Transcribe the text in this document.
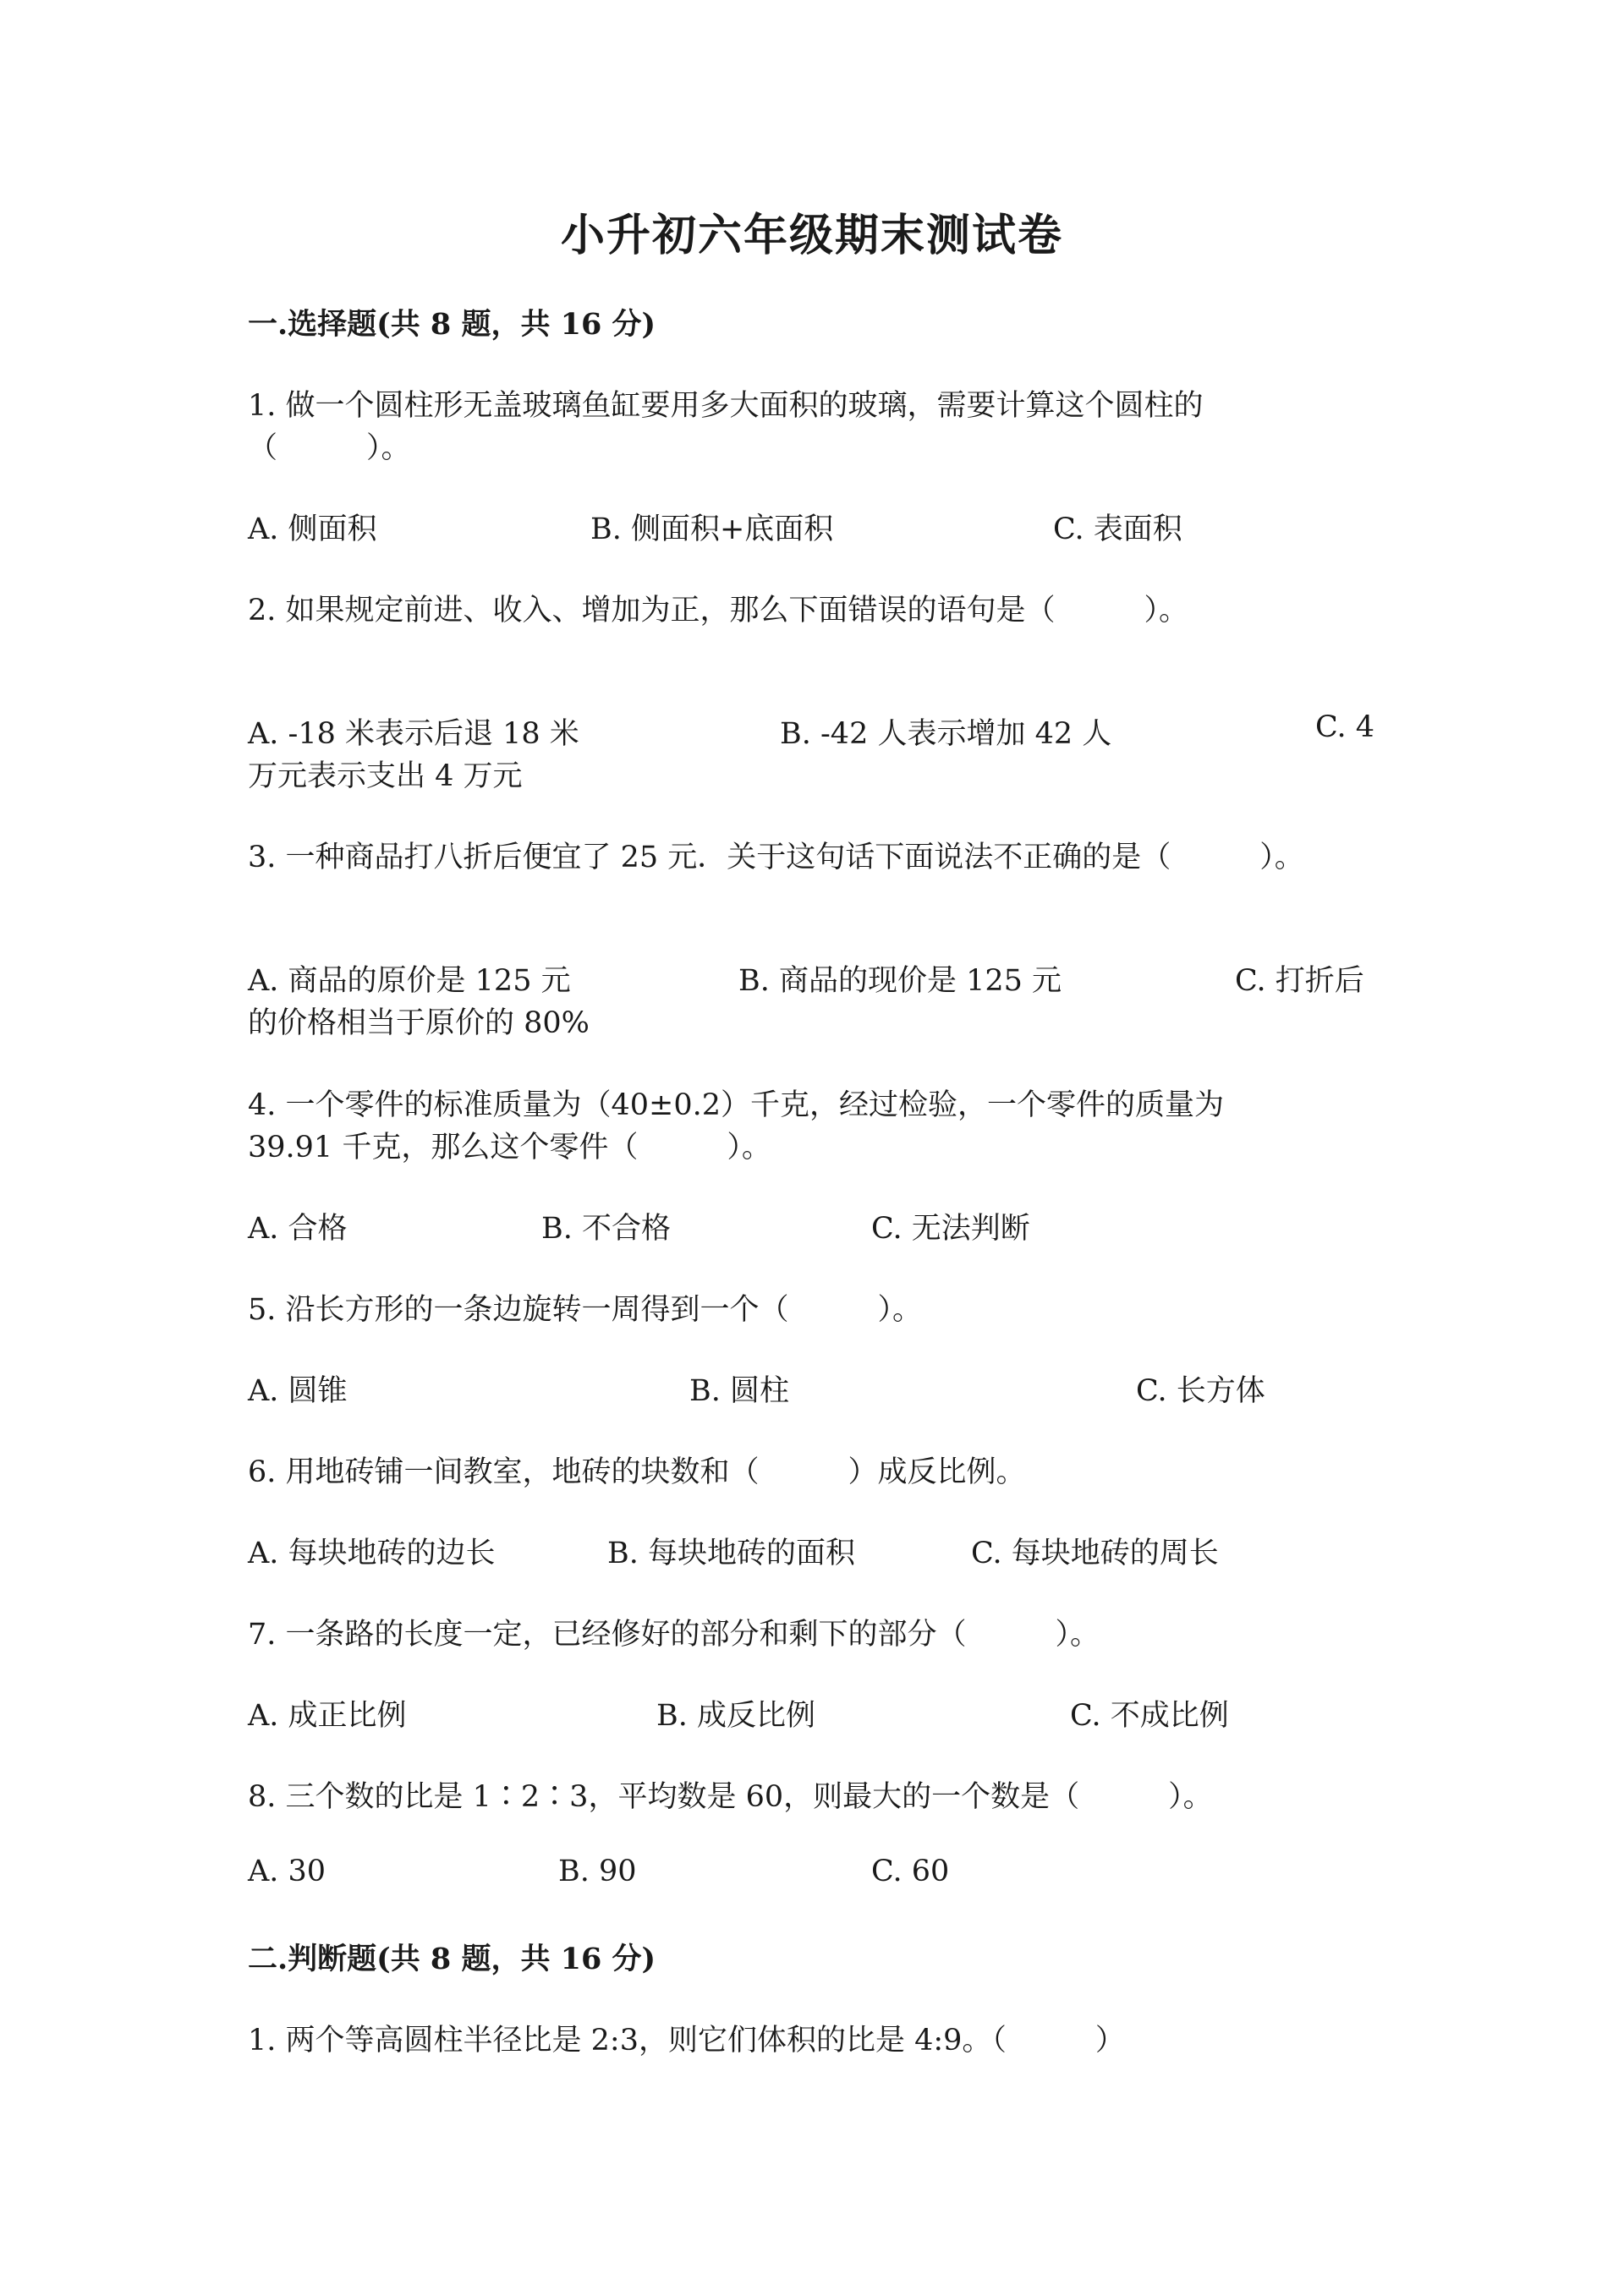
小升初六年级期末测试卷
一.选择题(共 8 题，共 16 分)
1. 做一个圆柱形无盖玻璃鱼缸要用多大面积的玻璃，需要计算这个圆柱的
（　　　）。
A. 侧面积	B. 侧面积+底面积	C. 表面积
2. 如果规定前进、收入、增加为正，那么下面错误的语句是（　　　）。
A. -18 米表示后退 18 米	B. -42 人表示增加 42 人	C. 4
万元表示支出 4 万元
3. 一种商品打八折后便宜了 25 元．关于这句话下面说法不正确的是（　　　）。
A. 商品的原价是 125 元	B. 商品的现价是 125 元	C. 打折后
的价格相当于原价的 80%
4. 一个零件的标准质量为（40±0.2）千克，经过检验，一个零件的质量为
39.91 千克，那么这个零件（　　　）。
A. 合格	B. 不合格	C. 无法判断
5. 沿长方形的一条边旋转一周得到一个（　　　）。
A. 圆锥	B. 圆柱	C. 长方体
6. 用地砖铺一间教室，地砖的块数和（　　　）成反比例。
A. 每块地砖的边长	B. 每块地砖的面积	C. 每块地砖的周长
7. 一条路的长度一定，已经修好的部分和剩下的部分（　　　）。
A. 成正比例	B. 成反比例	C. 不成比例
8. 三个数的比是 1∶2∶3，平均数是 60，则最大的一个数是（　　　）。
A. 30	B. 90	C. 60
二.判断题(共 8 题，共 16 分)
1. 两个等高圆柱半径比是 2:3，则它们体积的比是 4:9。（　　　）
